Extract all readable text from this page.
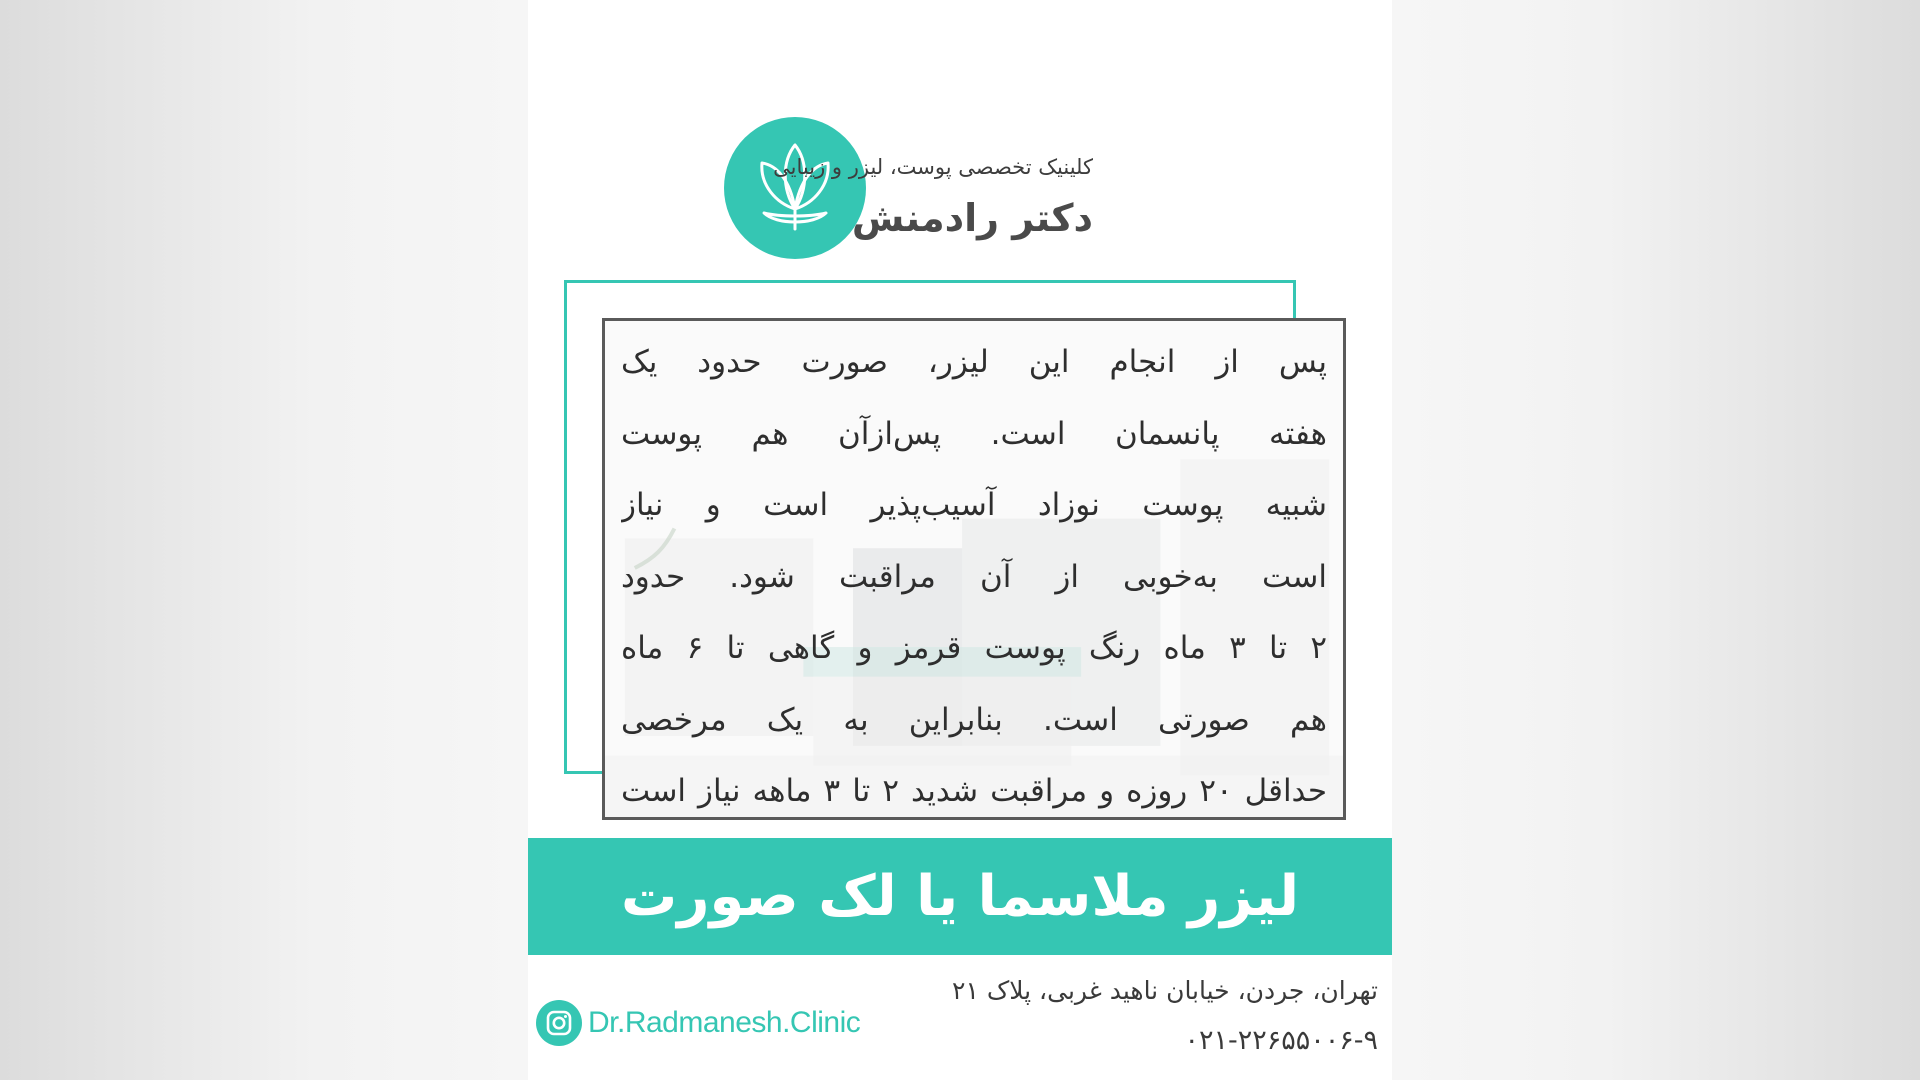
کلینیک تخصصی پوست، لیزر و زیبایی
دکتر رادمنش
پس از انجام این لیزر، صورت حدود یک
هفته پانسمان است. پس‌ازآن هم پوست
شبیه پوست نوزاد آسیب‌پذیر است و نیاز
است به‌خوبی از آن مراقبت شود. حدود
۲ تا ۳ ماه رنگ پوست قرمز و گاهی تا ۶ ماه
هم صورتی است. بنابراین به یک مرخصی
حداقل ۲۰ روزه و مراقبت شدید ۲ تا ۳ ماهه نیاز است
لیزر ملاسما یا لک صورت
Dr.Radmanesh.Clinic
تهران، جردن، خیابان ناهید غربی، پلاک ۲۱
۰۲۱-۲۲۶۵۵۰۰۶-۹
